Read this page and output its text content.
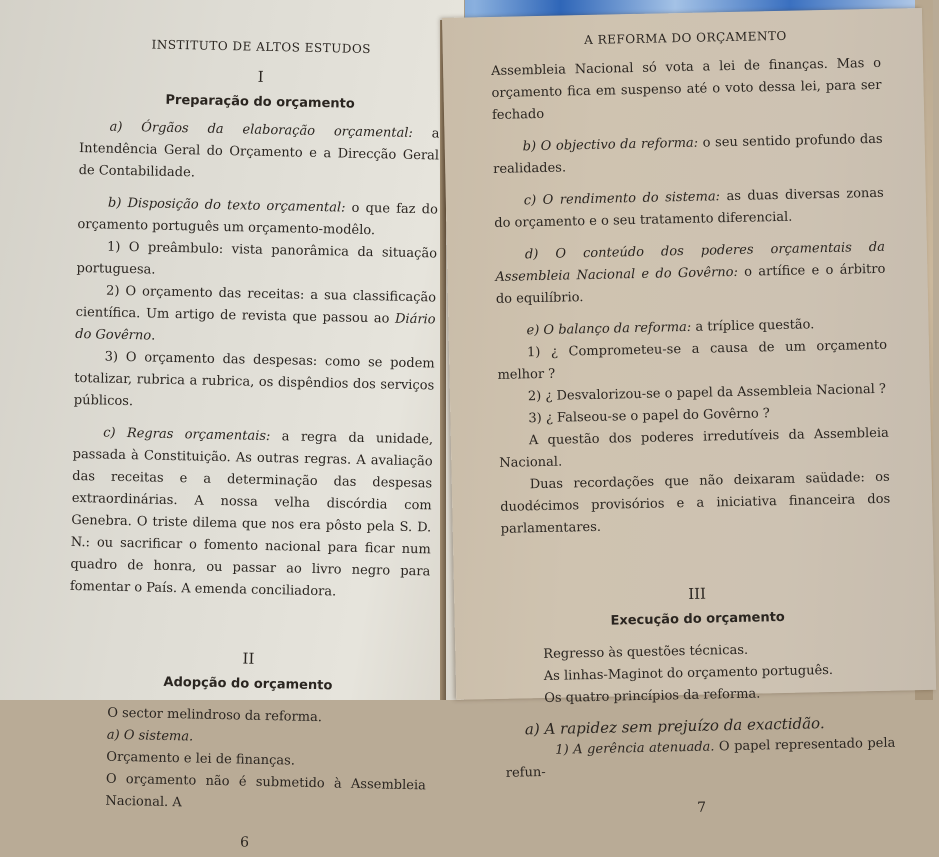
INSTITUTO DE ALTOS ESTUDOS
I
Preparação do orçamento

a) Órgãos da elaboração orçamental: a Intendência Geral do Orçamento e a Direcção Geral de Contabilidade.

b) Disposição do texto orçamental: o que faz do orçamento português um orçamento-modêlo.

1) O preâmbulo: vista panorâmica da situação portuguesa.

2) O orçamento das receitas: a sua classificação científica. Um artigo de revista que passou ao Diário do Govêrno.

3) O orçamento das despesas: como se podem totalizar, rubrica a rubrica, os dispêndios dos serviços públicos.

c) Regras orçamentais: a regra da unidade, passada à Constituição. As outras regras. A avaliação das receitas e a determinação das despesas extraordinárias. A nossa velha discórdia com Genebra. O triste dilema que nos era pôsto pela S. D. N.: ou sacrificar o fomento nacional para ficar num quadro de honra, ou passar ao livro negro para fomentar o País. A emenda conciliadora.

II
Adopção do orçamento

O sector melindroso da reforma.

a) O sistema.

Orçamento e lei de finanças.

O orçamento não é submetido à Assembleia Nacional. A

6
A REFORMA DO ORÇAMENTO

Assembleia Nacional só vota a lei de finanças. Mas o orçamento fica em suspenso até o voto dessa lei, para ser fechado

b) O objectivo da reforma: o seu sentido profundo das realidades.

c) O rendimento do sistema: as duas diversas zonas do orçamento e o seu tratamento diferencial.

d) O conteúdo dos poderes orçamentais da Assembleia Nacional e do Govêrno: o artífice e o árbitro do equilíbrio.

e) O balanço da reforma: a tríplice questão.

1) ¿ Comprometeu-se a causa de um orçamento melhor ?

2) ¿ Desvalorizou-se o papel da Assembleia Nacional ?

3) ¿ Falseou-se o papel do Govêrno ?

A questão dos poderes irredutíveis da Assembleia Nacional.

Duas recordações que não deixaram saüdade: os duodécimos provisórios e a iniciativa financeira dos parlamentares.

III
Execução do orçamento

Regresso às questões técnicas.

As linhas-Maginot do orçamento português.

Os quatro princípios da reforma.

a) A rapidez sem prejuízo da exactidão.

1) A gerência atenuada. O papel representado pela refun-

7
